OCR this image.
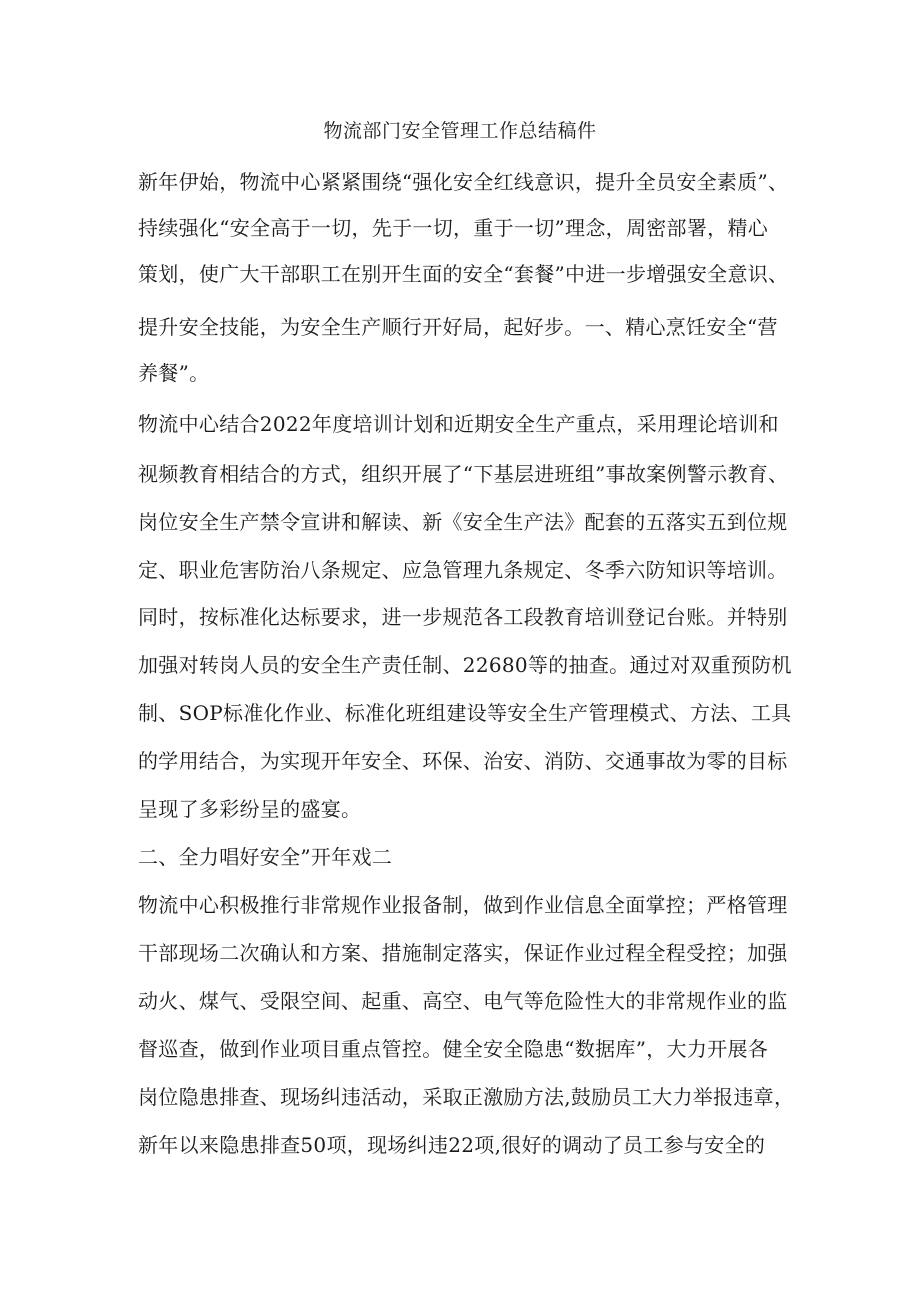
物流部门安全管理工作总结稿件
新年伊始，物流中心紧紧围绕“强化安全红线意识，提升全员安全素质”、
持续强化“安全高于一切，先于一切，重于一切”理念，周密部署，精心
策划，使广大干部职工在别开生面的安全“套餐”中进一步增强安全意识、
提升安全技能，为安全生产顺行开好局，起好步。一、精心烹饪安全“营
养餐”。
物流中心结合2022年度培训计划和近期安全生产重点，采用理论培训和
视频教育相结合的方式，组织开展了“下基层进班组”事故案例警示教育、
岗位安全生产禁令宣讲和解读、新《安全生产法》配套的五落实五到位规
定、职业危害防治八条规定、应急管理九条规定、冬季六防知识等培训。
同时，按标准化达标要求，进一步规范各工段教育培训登记台账。并特别
加强对转岗人员的安全生产责任制、22680等的抽查。通过对双重预防机
制、SOP标准化作业、标准化班组建设等安全生产管理模式、方法、工具
的学用结合，为实现开年安全、环保、治安、消防、交通事故为零的目标
呈现了多彩纷呈的盛宴。
二、全力唱好安全”开年戏二
物流中心积极推行非常规作业报备制，做到作业信息全面掌控；严格管理
干部现场二次确认和方案、措施制定落实，保证作业过程全程受控；加强
动火、煤气、受限空间、起重、高空、电气等危险性大的非常规作业的监
督巡查，做到作业项目重点管控。健全安全隐患“数据库”，大力开展各
岗位隐患排查、现场纠违活动，采取正激励方法,鼓励员工大力举报违章，
新年以来隐患排查50项，现场纠违22项,很好的调动了员工参与安全的
